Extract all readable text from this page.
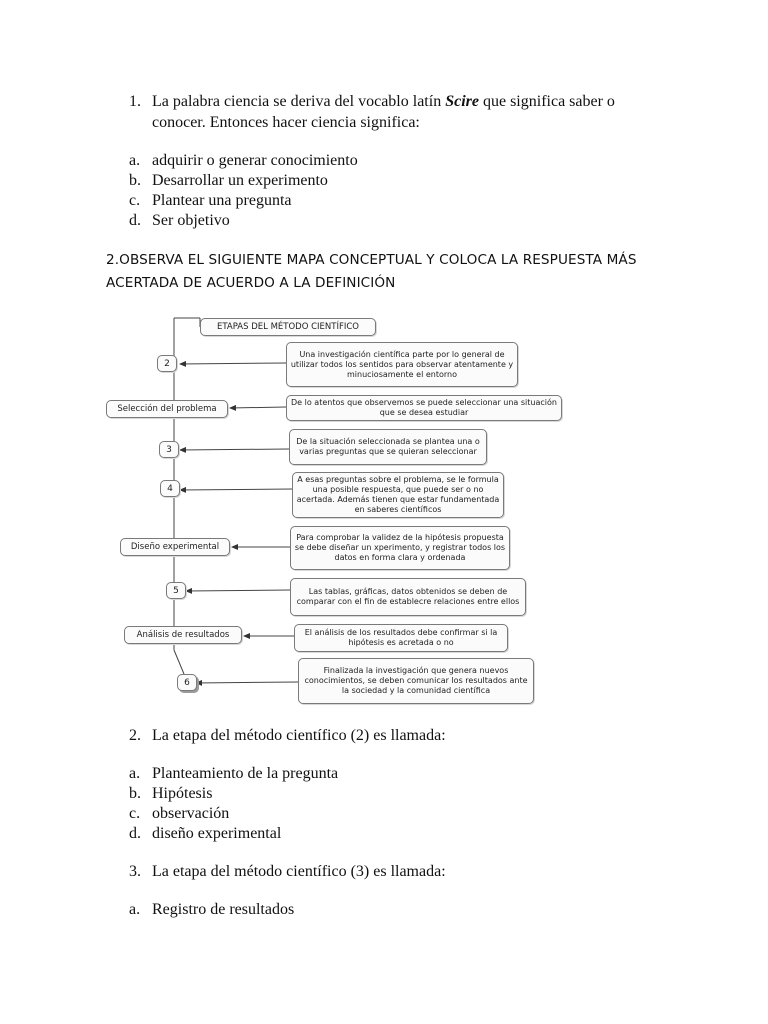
1. La palabra ciencia se deriva del vocablo latín Scire que significa saber o
conocer. Entonces hacer ciencia significa:
a. adquirir o generar conocimiento
b. Desarrollar un experimento
c. Plantear una pregunta
d. Ser objetivo
2.OBSERVA EL SIGUIENTE MAPA CONCEPTUAL Y COLOCA LA RESPUESTA MÁS
ACERTADA DE ACUERDO A LA DEFINICIÓN
ETAPAS DEL MÉTODO CIENTÍFICO
2
Una investigación científica parte por lo general de utilizar todos los sentidos para observar atentamente y minuciosamente el entorno
Selección del problema
De lo atentos que observemos se puede seleccionar una situación que se desea estudiar
3
De la situación seleccionada se plantea una o varias preguntas que se quieran seleccionar
4
A esas preguntas sobre el problema, se le formula una posible respuesta, que puede ser o no acertada. Además tienen que estar fundamentada en saberes científicos
Diseño experimental
Para comprobar la validez de la hipótesis propuesta se debe diseñar un xperimento, y registrar todos los datos en forma clara y ordenada
5	Las tablas, gráficas, datos obtenidos se deben de comparar con el fin de establecre relaciones entre ellos
Análisis de resultados	El análisis de los resultados debe confirmar si la hipótesis es acretada o no
6
Finalizada la investigación que genera nuevos conocimientos, se deben comunicar los resultados ante la sociedad y la comunidad científica
2. La etapa del método científico (2) es llamada:
a. Planteamiento de la pregunta
b. Hipótesis
c. observación
d. diseño experimental
3. La etapa del método científico (3) es llamada:
a. Registro de resultados
